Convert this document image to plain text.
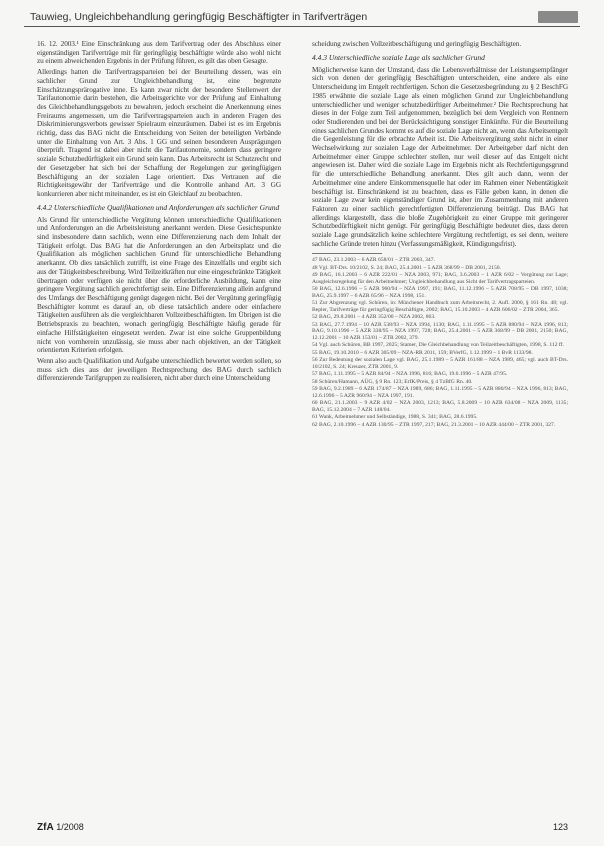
Tauwieg, Ungleichbehandlung geringfügig Beschäftigter in Tarifverträgen

16. 12. 2003.¹ Eine Einschränkung aus dem Tarifvertrag oder des Abschluss einer eigenständigen Tarifverträge mit für geringfügig beschäftigte würde also wohl nicht zu einem abweichenden Ergebnis in der Prüfung führen, es gilt das oben Gesagte.

Allerdings hatten die Tarifvertragsparteien bei der Beurteilung dessen, was ein sachlicher Grund zur Ungleichbehandlung ist, eine begrenzte Einschätzungsprärogative inne. Es kann zwar nicht der besondere Stellenwert der Tarifautonomie darin bestehen, die Arbeitsgerichte vor der Prüfung auf Einhaltung des Gleichbehandlungsgebots zu bewahren, jedoch erscheint die Anerkennung eines Freiraums angemessen, um die Tarifvertragsparteien auch in anderen Fragen des Diskriminierungsverbots gewisser Spielraum einzuräumen. Dabei ist es im Ergebnis richtig, dass das BAG nicht die Entscheidung von Seiten der beteiligten Verbände unter die Einhaltung von Art. 3 Abs. 1 GG und seinen besonderen Ausprägungen überprüft. Tragend ist dabei aber nicht die Tarifautonomie, sondern dass geringere soziale Schutzbedürftigkeit ein Grund sein kann. Das Arbeitsrecht ist Schutzrecht und der Gesetzgeber hat sich bei der Schaffung der Regelungen zur geringfügigen Beschäftigung an der sozialen Lage orientiert. Das Vertrauen auf die Richtigkeitsgewähr der Tarifverträge und die Kontrolle anhand Art. 3 GG konkurrieren aber nicht miteinander, es ist ein Gleichlauf zu beobachten.

4.4.2 Unterschiedliche Qualifikationen und Anforderungen als sachlicher Grund

Als Grund für unterschiedliche Vergütung können unterschiedliche Qualifikationen und Anforderungen an die Arbeitsleistung anerkannt werden. Diese Gesichtspunkte sind insbesondere dann sachlich, wenn eine Differenzierung nach dem Inhalt der Tätigkeit erfolgt. Das BAG hat die Anforderungen an den Arbeitsplatz und die Qualifikation als möglichen sachlichen Grund für unterschiedliche Behandlung anerkannt. Ob dies tatsächlich zutrifft, ist eine Frage des Einzelfalls und ergibt sich aus der Tätigkeitsbeschreibung. Wird Teilzeitkräften nur eine eingeschränkte Tätigkeit übertragen oder verfügen sie nicht über die erforderliche Ausbildung, kann eine geringere Vergütung sachlich gerechtfertigt sein. Eine Differenzierung allein aufgrund des Umfangs der Beschäftigung genügt dagegen nicht. Bei der Vergütung geringfügig Beschäftigter kommt es darauf an, ob diese tatsächlich andere oder einfachere Tätigkeiten ausführen als die vergleichbaren Vollzeitbeschäftigten. Im Übrigen ist die Betriebspraxis zu beachten, wonach geringfügig Beschäftigte häufig gerade für einfache Hilfstätigkeiten eingesetzt werden. Zwar ist eine solche Gruppenbildung nicht von vornherein unzulässig, sie muss aber nach objektiven, an der Tätigkeit orientierten Kriterien erfolgen.

Wenn also auch Qualifikation und Aufgabe unterschiedlich bewertet werden sollen, so muss sich dies aus der jeweiligen Rechtsprechung des BAG durch sachlich differenzierende Tarifgruppen zu realisieren, nicht aber durch eine Unterscheidung

scheidung zwischen Vollzeitbeschäftigung und geringfügig Beschäftigten.

4.4.3 Unterschiedliche soziale Lage als sachlicher Grund

Möglicherweise kann der Umstand, dass die Lebensverhältnisse der Leistungsempfänger sich von denen der geringfügig Beschäftigten unterscheiden, eine andere als eine Unterscheidung im Entgelt rechtfertigen. Schon die Gesetzesbegründung zu § 2 BeschFG 1985 erwähnte die soziale Lage als einen möglichen Grund zur Ungleichbehandlung unterschiedlicher und weniger schutzbedürftiger Arbeitnehmer.² Die Rechtsprechung hat dieses in der Folge zum Teil aufgenommen, bezüglich bei dem Vergleich von Rentnern oder Studierenden und bei der Berücksichtigung sonstiger Einkünfte. Für die Beurteilung eines sachlichen Grundes kommt es auf die soziale Lage nicht an, wenn das Arbeitsentgelt die Gegenleistung für die erbrachte Arbeit ist. Die Arbeitsvergütung steht nicht in einer Wechselwirkung zur sozialen Lage der Arbeitnehmer. Der Arbeitgeber darf nicht den Arbeitnehmer einer Gruppe schlechter stellen, nur weil dieser auf das Entgelt nicht angewiesen ist. Daher wird die soziale Lage im Ergebnis nicht als Rechtfertigungsgrund für die unterschiedliche Behandlung anerkannt. Dies gilt auch dann, wenn der Arbeitnehmer eine andere Einkommensquelle hat oder im Rahmen einer Nebentätigkeit beschäftigt ist. Einschränkend ist zu beachten, dass es Fälle geben kann, in denen die soziale Lage zwar kein eigenständiger Grund ist, aber im Zusammenhang mit anderen Faktoren zu einer sachlich gerechtfertigten Differenzierung beiträgt. Das BAG hat allerdings klargestellt, dass die bloße Zugehörigkeit zu einer Gruppe mit geringerer Schutzbedürftigkeit nicht genügt. Für geringfügig Beschäftigte bedeutet dies, dass deren soziale Lage grundsätzlich keine schlechtere Vergütung rechtfertigt, es sei denn, weitere sachliche Gründe treten hinzu (Verfassungsmäßigkeit, Kündigungsfrist).

47 BAG, 23.1.2003 – 6 AZR 658/01 – ZTR 2003, 347.

48 Vgl. BT-Drs. 10/2102, S. 24; BAG, 25.4.2001 – 5 AZR 368/99 – DB 2001, 2150.

49 BAG, 16.1.2003 – 6 AZR 222/01 – NZA 2003, 971; BAG, 3.6.2003 – 1 AZR 6/02 – Vergütung zur Lage; Ausgleichsregelung für den Arbeitnehmer; Ungleichbehandlung aus Sicht der Tarifvertragsparteien.

50 BAG, 12.6.1996 – 5 AZR 960/94 – NZA 1997, 191; BAG, 11.12.1996 – 5 AZR 708/95 – DB 1997, 1038; BAG, 25.9.1997 – 6 AZR 65/96 – NZA 1998, 151.

51 Zur Abgrenzung vgl. Schüren, in: Münchener Handbuch zum Arbeitsrecht, 2. Aufl. 2000, § 161 Rn. 48; vgl. Bepler, Tarifverträge für geringfügig Beschäftigte, 2002; BAG, 15.10.2003 – 4 AZR 606/02 – ZTR 2004, 365.

52 BAG, 29.8.2001 – 4 AZR 352/00 – NZA 2002, 863.

53 BAG, 27.7.1994 – 10 AZR 538/93 – NZA 1994, 1130; BAG, 1.11.1995 – 5 AZR 880/94 – NZA 1996, 813; BAG, 9.10.1996 – 5 AZR 338/95 – NZA 1997, 728; BAG, 25.4.2001 – 5 AZR 368/99 – DB 2001, 2150; BAG, 12.12.2001 – 10 AZR 153/01 – ZTR 2002, 379.

54 Vgl. auch Schüren, BB 1997, 2025; Stamer, Die Gleichbehandlung von Teilzeitbeschäftigten, 1998, S. 112 ff.

55 BAG, 19.10.2010 – 6 AZR 305/09 – NZA-RR 2011, 159; BVerfG, 1.12.1999 – 1 BvR 1133/98.

56 Zur Bedeutung der sozialen Lage vgl. BAG, 25.1.1989 – 5 AZR 161/88 – NZA 1989, 465; vgl. auch BT-Drs. 10/2102, S. 24; Kreuzer, ZTR 2001, 9.

57 BAG, 1.11.1995 – 5 AZR 84/94 – NZA 1996, 816; BAG, 19.6.1996 – 5 AZR 47/95.

58 Schüren/Hamann, AÜG, § 9 Rn. 123; ErfK/Preis, § 4 TzBfG Rn. 40.

59 BAG, 9.2.1989 – 6 AZR 174/87 – NZA 1989, 686; BAG, 1.11.1995 – 5 AZR 880/94 – NZA 1996, 813; BAG, 12.6.1996 – 5 AZR 960/94 – NZA 1997, 191.

60 BAG, 21.1.2003 – 9 AZR 4/02 – NZA 2003, 1213; BAG, 5.8.2009 – 10 AZR 634/08 – NZA 2009, 1135; BAG, 15.12.2004 – 7 AZR 148/04.

61 Wank, Arbeitnehmer und Selbständige, 1988, S. 341; BAG, 28.6.1995.

62 BAG, 2.10.1996 – 4 AZR 130/95 – ZTR 1997, 217; BAG, 21.3.2001 – 10 AZR 444/00 – ZTR 2001, 327.

ZfA 1/2008	123
